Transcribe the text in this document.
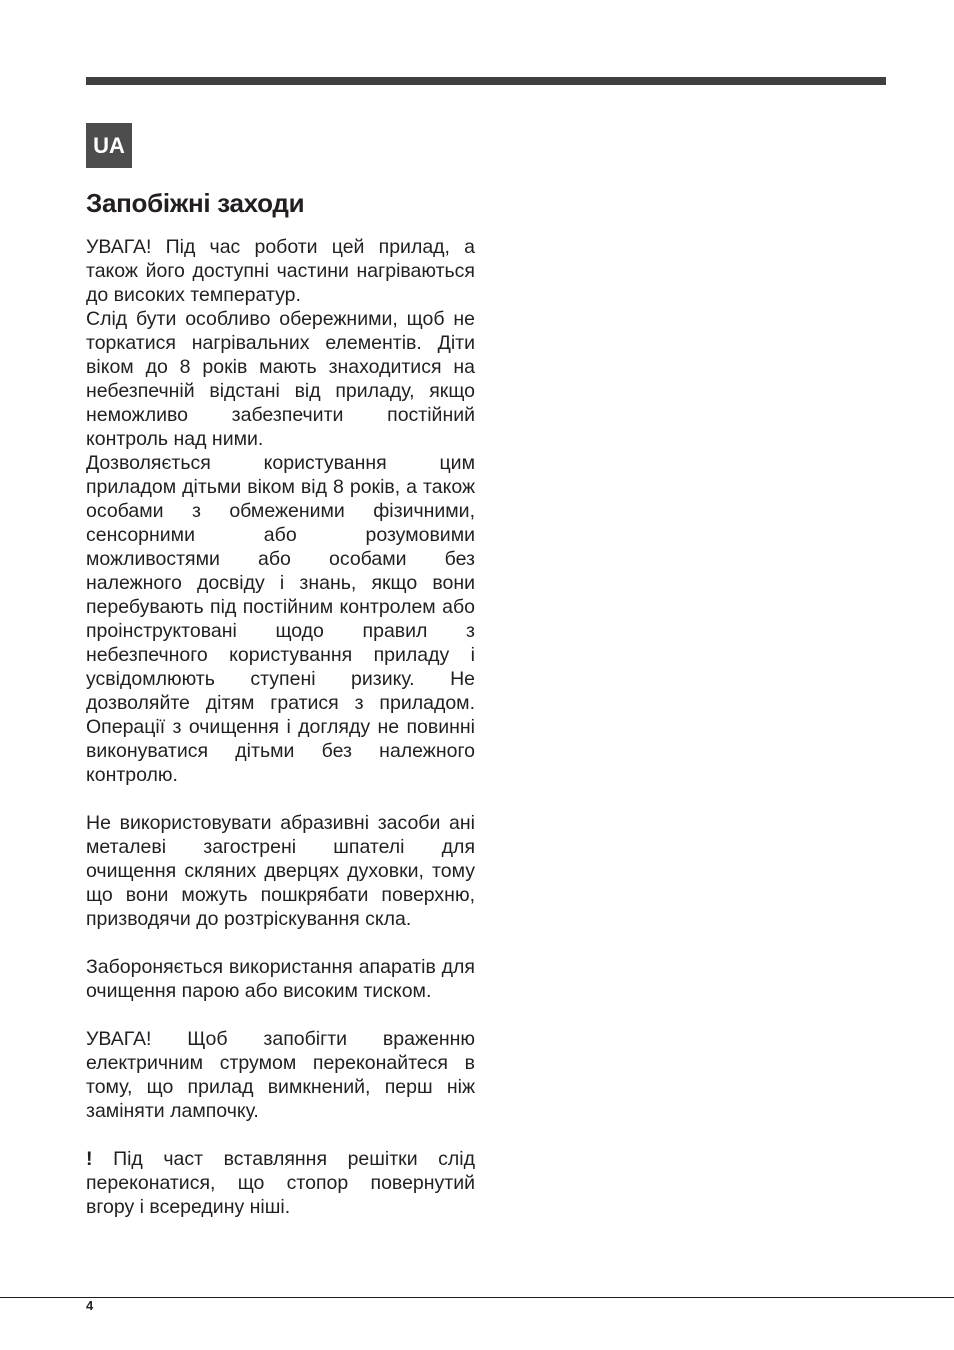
UA
Запобіжні заходи

УВАГА! Під час роботи цей прилад, а також його доступні частини нагріваються до високих температур.

Слід бути особливо обережними, щоб не торкатися нагрівальних елементів. Діти віком до 8 років мають знаходитися на небезпечній відстані від приладу, якщо неможливо забезпечити постійний контроль над ними.

Дозволяється користування цим приладом дітьми віком від 8 років, а також особами з обмеженими фізичними, сенсорними або розумовими можливостями або особами без належного досвіду і знань, якщо вони перебувають під постійним контролем або проінструктовані щодо правил з небезпечного користування приладу і усвідомлюють ступені ризику. Не дозволяйте дітям гратися з приладом. Операції з очищення і догляду не повинні виконуватися дітьми без належного контролю.

Не використовувати абразивні засоби ані металеві загострені шпателі для очищення скляних дверцях духовки, тому що вони можуть пошкрябати поверхню, призводячи до розтріскування скла.

Забороняється використання апаратів для очищення парою або високим тиском.

УВАГА! Щоб запобігти враженню електричним струмом переконайтеся в тому, що прилад вимкнений, перш ніж заміняти лампочку.

! Під част вставляння решітки слід переконатися, що стопор повернутий вгору і всередину ніші.

4
